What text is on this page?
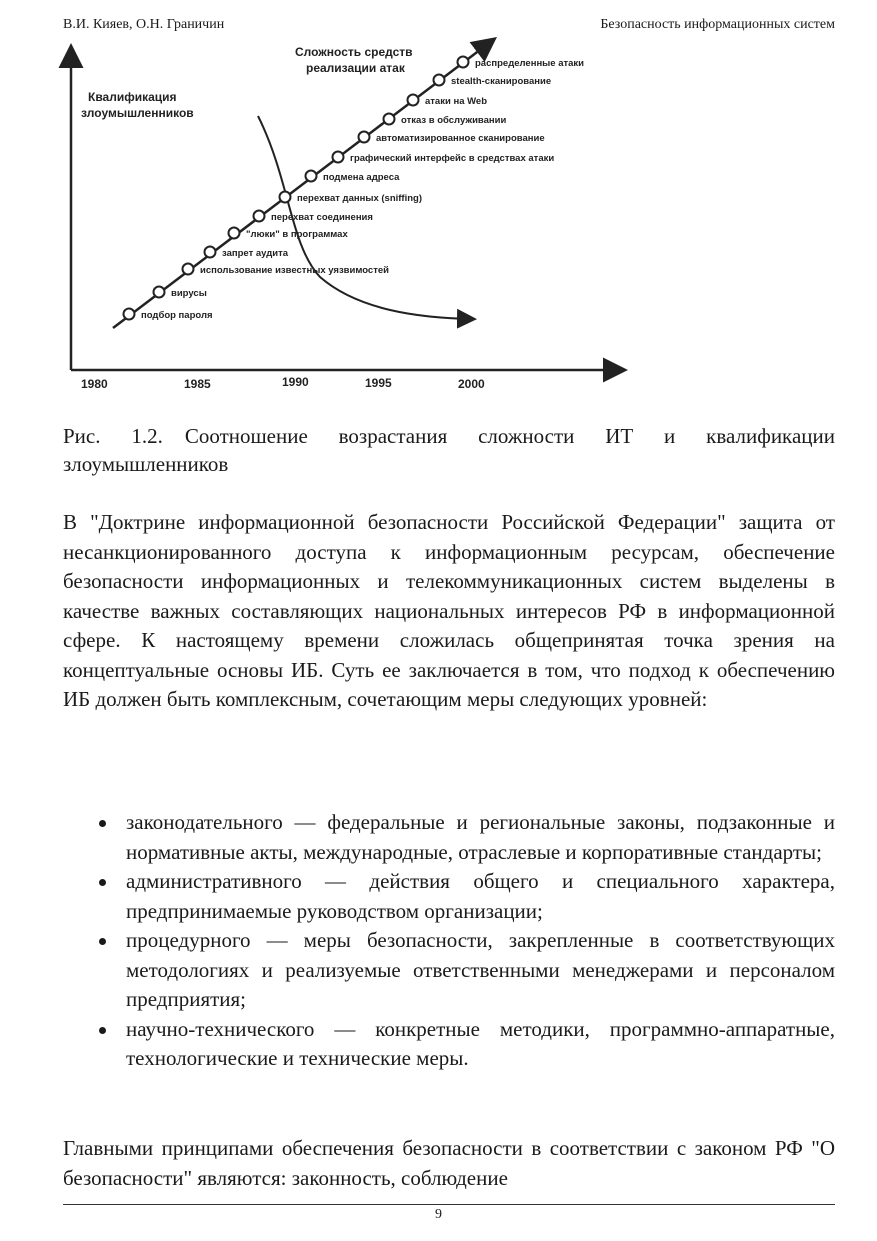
В.И. Кияев, О.Н. Граничин	Безопасность информационных систем
подбор пароля
вирусы
использование известных уязвимостей
запрет аудита
"люки" в программах
перехват соединения
перехват данных (sniffing)
подмена адреса
графический интерфейс в средствах атаки
автоматизированное сканирование
отказ в обслуживании
атаки на Web
stealth-сканирование
распределенные атаки
Квалификация
злоумышленников
Сложность средств
реализации атак
1980	1985	1990	1995	2000
Рис. 1.2. Соотношение возрастания сложности ИТ и квалификации злоумышленников

В "Доктрине информационной безопасности Российской Федерации" защита от несанкционированного доступа к информационным ресурсам, обеспечение безопасности информационных и телекоммуникационных систем выделены в качестве важных составляющих национальных интересов РФ в информационной сфере. К настоящему времени сложилась общепринятая точка зрения на концептуальные основы ИБ. Суть ее заключается в том, что подход к обеспечению ИБ должен быть комплексным, сочетающим меры следующих уровней:

законодательного — федеральные и региональные законы, подзаконные и нормативные акты, международные, отраслевые и корпоративные стандарты;
административного — действия общего и специального характера, предпринимаемые руководством организации;
процедурного — меры безопасности, закрепленные в соответствующих методологиях и реализуемые ответственными менеджерами и персоналом предприятия;
научно-технического — конкретные методики, программно-аппаратные, технологические и технические меры.

Главными принципами обеспечения безопасности в соответствии с законом РФ "О безопасности" являются: законность, соблюдение

9
